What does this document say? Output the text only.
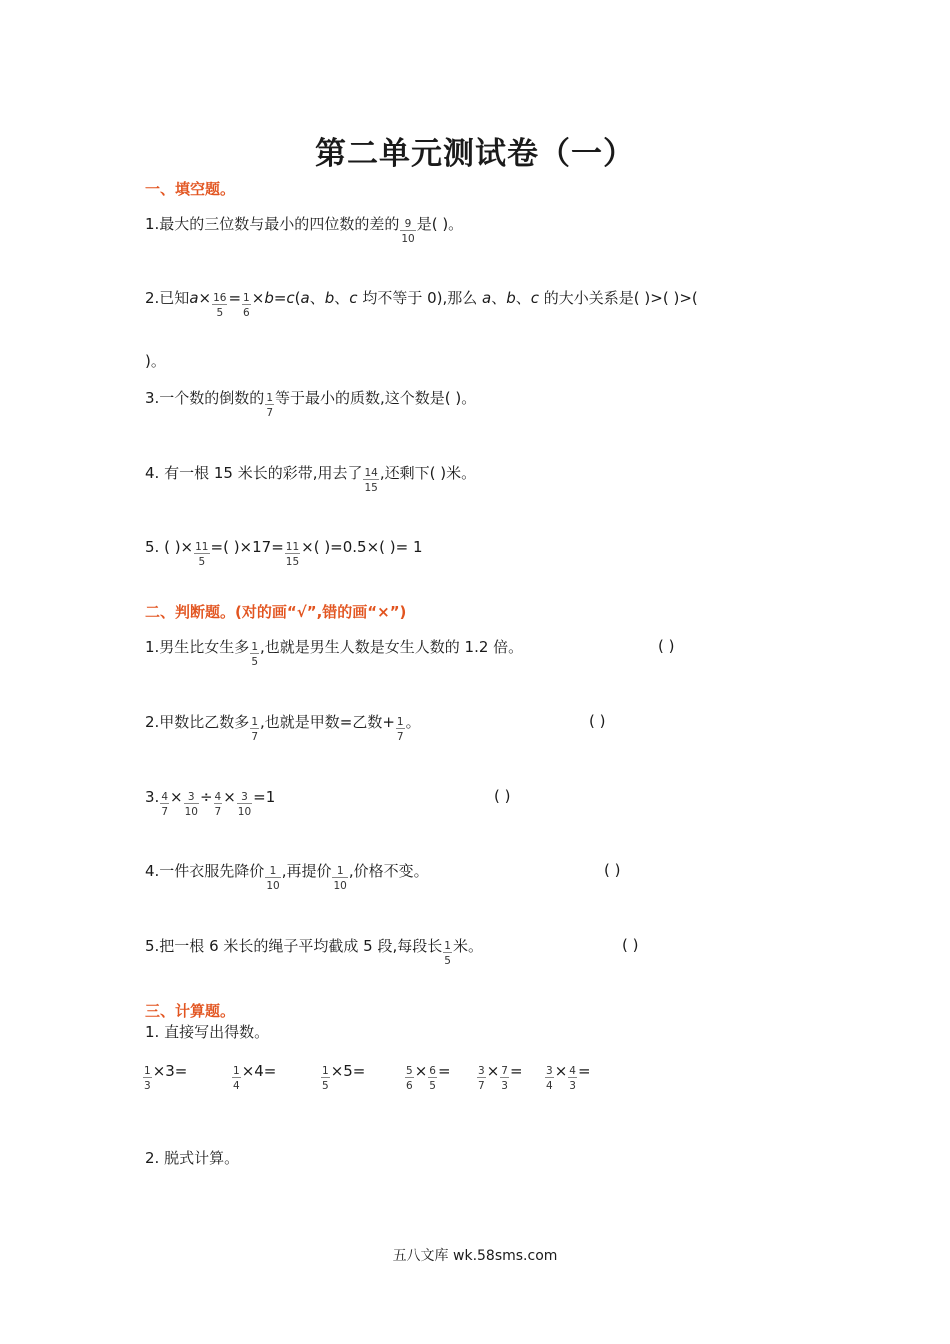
第二单元测试卷（一）
一、填空题。
1.最大的三位数与最小的四位数的差的 $\frac{9}{10}$ 是( )。
2.已知$a\times \frac{16}{5} = \frac{1}{6} \times b=c(a$、b、c 均不等于 0),那么 a、b、c 的大小关系是( )>( )>(
)。
3.一个数的倒数的 $\frac{1}{7}$ 等于最小的质数,这个数是( )。
4. 有一根 15 米长的彩带,用去了 $\frac{14}{15}$ ,还剩下( )米。
5. ( )× $\frac{11}{5}$ =( )$\times 17= \frac{11}{15}$ ×( )=0.5×( )= 1
二、判断题。(对的画“√”,错的画“×”)
1.男生比女生多 $\frac{1}{5}$ ,也就是男生人数是女生人数的 1.2 倍。	( )
2.甲数比乙数多 $\frac{1}{7}$ ,也就是甲数=乙数+ $\frac{1}{7}$ 。	( )
3. $\frac{4}{7} \times \frac{3}{10} \div \frac{4}{7} \times \frac{3}{10} =1$	( )
4.一件衣服先降价 $\frac{1}{10}$ ,再提价 $\frac{1}{10}$ ,价格不变。	( )
5.把一根 6 米长的绳子平均截成 5 段,每段长 $\frac{1}{5}$ 米。	( )
三、计算题。
1. 直接写出得数。
$\frac{1}{3} \times 3=$	$\frac{1}{4} \times 4=$	$\frac{1}{5} \times 5=$	$\frac{5}{6} \times \frac{6}{5}$ =	$\frac{3}{7} \times \frac{7}{3} = \frac{3}{4} \times \frac{4}{3}$ =
2. 脱式计算。
五八文库 wk.58sms.com
